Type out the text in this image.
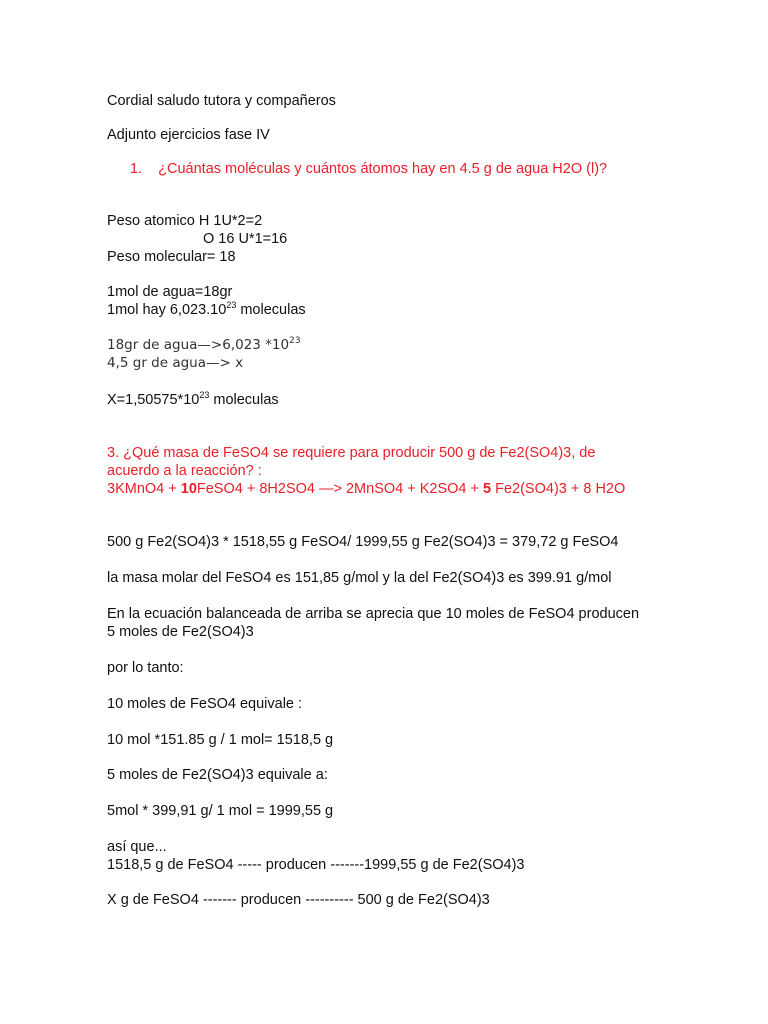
Cordial saludo tutora y compañeros
Adjunto ejercicios fase IV
1. ¿Cuántas moléculas y cuántos átomos hay en 4.5 g de agua H2O (l)?
Peso atomico H 1U*2=2
O 16 U*1=16
Peso molecular= 18
1mol de agua=18gr
1mol hay 6,023.10$^{23}$ moleculas
18gr de agua—>6,023 $*10^{23}$
4,5 gr de agua—> x
$X=1,50575*10^{23}$ moleculas
3. ¿Qué masa de FeSO4 se requiere para producir 500 g de Fe2(SO4)3, de
acuerdo a la reacción? :
3KMnO4 + 10FeSO4 + 8H2SO4 —> 2MnSO4 + K2SO4 + 5 Fe2(SO4)3 + 8 H2O
500 g Fe2(SO4)3 * 1518,55 g FeSO4/ 1999,55 g Fe2(SO4)3 = 379,72 g FeSO4
la masa molar del FeSO4 es 151,85 g/mol y la del Fe2(SO4)3 es 399.91 g/mol
En la ecuación balanceada de arriba se aprecia que 10 moles de FeSO4 producen
5 moles de Fe2(SO4)3
por lo tanto:
10 moles de FeSO4 equivale :
10 mol *151.85 g / 1 mol= 1518,5 g
5 moles de Fe2(SO4)3 equivale a:
5mol * 399,91 g/ 1 mol = 1999,55 g
así que...
1518,5 g de FeSO4 ----- producen -------1999,55 g de Fe2(SO4)3
X g de FeSO4 ------- producen ---------- 500 g de Fe2(SO4)3
